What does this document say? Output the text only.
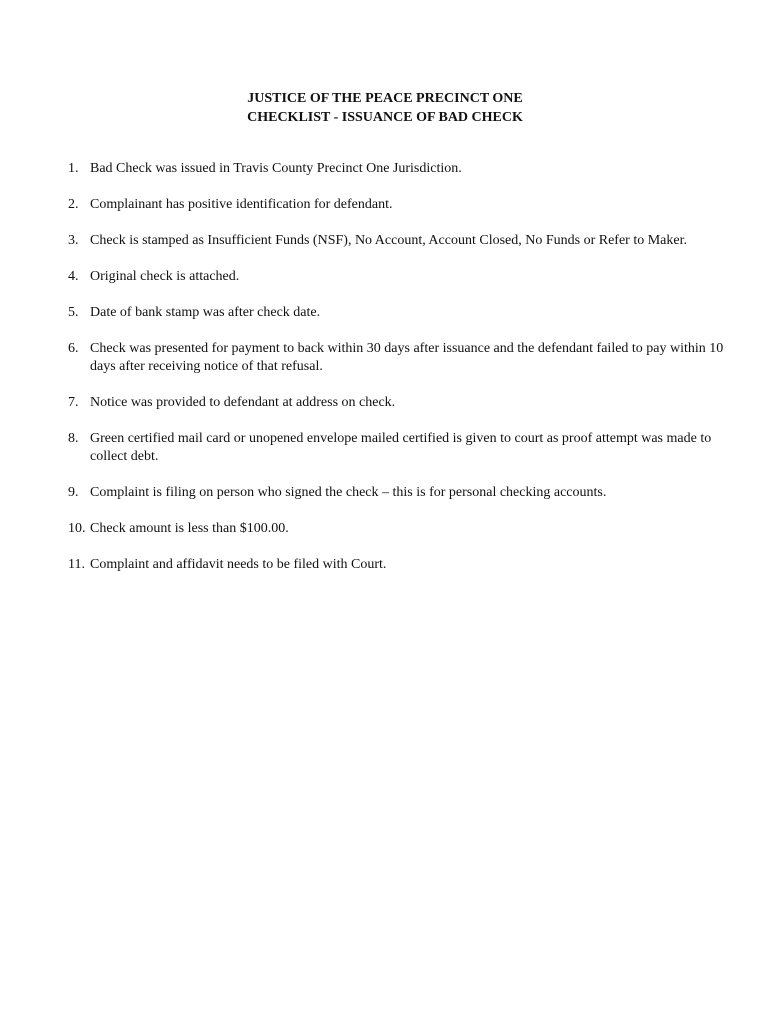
JUSTICE OF THE PEACE PRECINCT ONE
CHECKLIST - ISSUANCE OF BAD CHECK
1. Bad Check was issued in Travis County Precinct One Jurisdiction.
2. Complainant has positive identification for defendant.
3. Check is stamped as Insufficient Funds (NSF), No Account, Account Closed, No Funds or Refer to Maker.
4. Original check is attached.
5. Date of bank stamp was after check date.
6. Check was presented for payment to back within 30 days after issuance and the defendant failed to pay within 10 days after receiving notice of that refusal.
7. Notice was provided to defendant at address on check.
8. Green certified mail card or unopened envelope mailed certified is given to court as proof attempt was made to collect debt.
9. Complaint is filing on person who signed the check – this is for personal checking accounts.
10. Check amount is less than $100.00.
11. Complaint and affidavit needs to be filed with Court.
